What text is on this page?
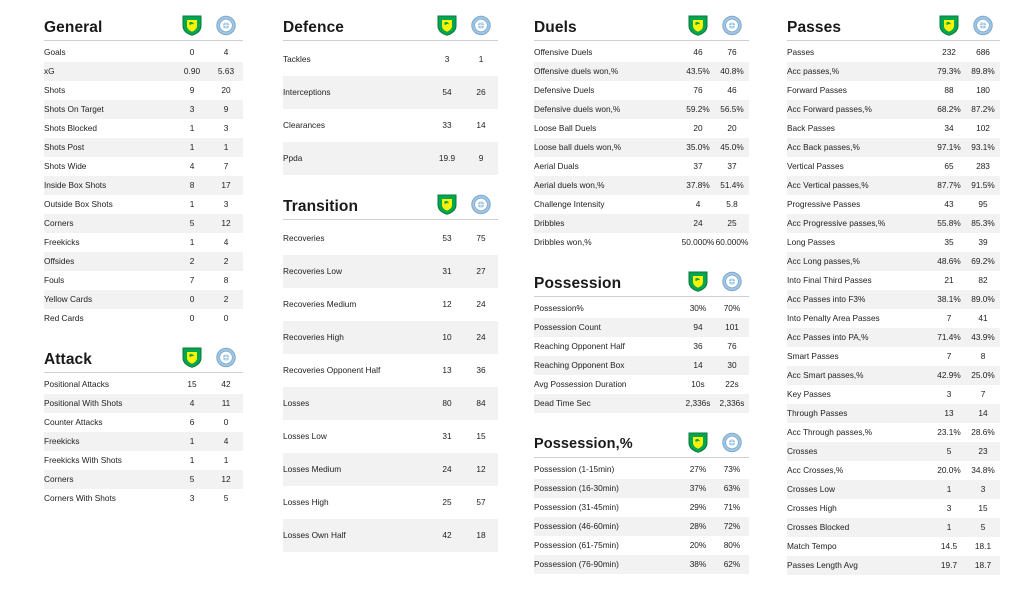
General
Goals	0	4
xG	0.90	5.63
Shots	9	20
Shots On Target	3	9
Shots Blocked	1	3
Shots Post	1	1
Shots Wide	4	7
Inside Box Shots	8	17
Outside Box Shots	1	3
Corners	5	12
Freekicks	1	4
Offsides	2	2
Fouls	7	8
Yellow Cards	0	2
Red Cards	0	0
Attack
Positional Attacks	15	42
Positional With Shots	4	11
Counter Attacks	6	0
Freekicks	1	4
Freekicks With Shots	1	1
Corners	5	12
Corners With Shots	3	5
Defence
Tackles	3	1
Interceptions	54	26
Clearances	33	14
Ppda	19.9	9
Transition
Recoveries	53	75
Recoveries Low	31	27
Recoveries Medium	12	24
Recoveries High	10	24
Recoveries Opponent Half	13	36
Losses	80	84
Losses Low	31	15
Losses Medium	24	12
Losses High	25	57
Losses Own Half	42	18
Duels
Offensive Duels	46	76
Offensive duels won,%	43.5%	40.8%
Defensive Duels	76	46
Defensive duels won,%	59.2%	56.5%
Loose Ball Duels	20	20
Loose ball duels won,%	35.0%	45.0%
Aerial Duals	37	37
Aerial duels won,%	37.8%	51.4%
Challenge Intensity	4	5.8
Dribbles	24	25
Dribbles won,%	50.000%	60.000%
Possession
Possession%	30%	70%
Possession Count	94	101
Reaching Opponent Half	36	76
Reaching Opponent Box	14	30
Avg Possession Duration	10s	22s
Dead Time Sec	2,336s	2,336s
Possession,%
Possession (1-15min)	27%	73%
Possession (16-30min)	37%	63%
Possession (31-45min)	29%	71%
Possession (46-60min)	28%	72%
Possession (61-75min)	20%	80%
Possession (76-90min)	38%	62%
Passes
Passes	232	686
Acc passes,%	79.3%	89.8%
Forward Passes	88	180
Acc Forward passes,%	68.2%	87.2%
Back Passes	34	102
Acc Back passes,%	97.1%	93.1%
Vertical Passes	65	283
Acc Vertical passes,%	87.7%	91.5%
Progressive Passes	43	95
Acc Progressive passes,%	55.8%	85.3%
Long Passes	35	39
Acc Long passes,%	48.6%	69.2%
Into Final Third Passes	21	82
Acc Passes into F3%	38.1%	89.0%
Into Penalty Area Passes	7	41
Acc Passes into PA,%	71.4%	43.9%
Smart Passes	7	8
Acc Smart passes,%	42.9%	25.0%
Key Passes	3	7
Through Passes	13	14
Acc Through passes,%	23.1%	28.6%
Crosses	5	23
Acc Crosses,%	20.0%	34.8%
Crosses Low	1	3
Crosses High	3	15
Crosses Blocked	1	5
Match Tempo	14.5	18.1
Passes Length Avg	19.7	18.7
